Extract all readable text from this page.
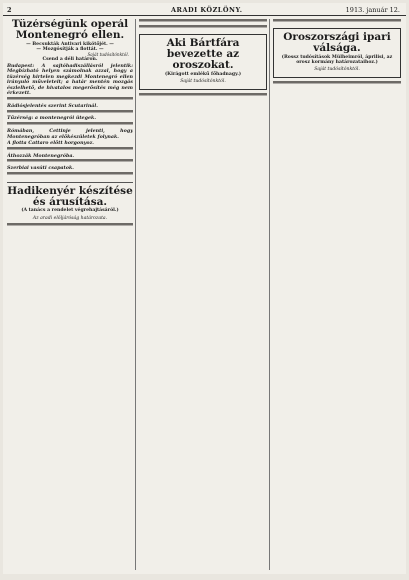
2	ARADI KÖZLÖNY.	1913. január 12.
Tüzérségünk operál Montenegró ellen.
— Becsukták Antivari kikötőjét. —
— Mozgósítják a flottát. —
Saját tudósítónktól.
Csend a déli határon.

Budapest: A sajtóhadiszállásról jelentik: Megbízható helyen számolnak azzal, hogy a tüzérség hirtelen megkezdi Montenegró ellen irányuló műveleteit; a határ mentén mozgás észlelhető, de hivatalos megerősítés még nem érkezett.

Rádiósjelentés szerint Scutarinál.

Tűzérség: a montenegrói ütegek.

Rómában, Cettinje jelenti, hogy Montenegróban az előkészületek folynak.

A flotta Cattaro előtt horgonyoz.

Áthozzák Montenegróba.

Szerbiai vasúti csapatok.

Hadikenyér készítése és árusítása.
(A tanács a rendelet végrehajtásáról.)
Az aradi elöljáróság határozata.

Aki Bártfára bevezette az oroszokat.
(Kirágott emlékű főhadnagy.)
Saját tudósítónktól.

Oroszországi ipari válsága.
(Rossz tudósítások Mülheimról, áprilisi, az orosz kormány határozataihoz.)
Saját tudósítónktól.
